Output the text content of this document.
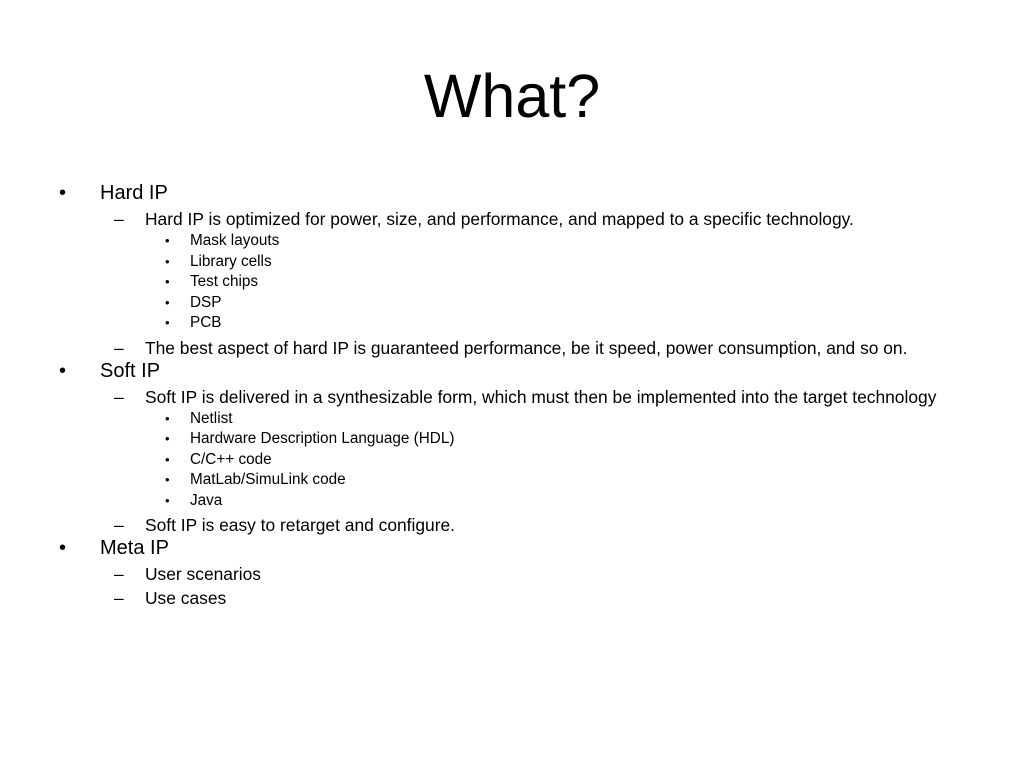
What?
• Hard IP
– Hard IP is optimized for power, size, and performance, and mapped to a specific technology.
• Mask layouts
• Library cells
• Test chips
• DSP
• PCB
– The best aspect of hard IP is guaranteed performance, be it speed, power consumption, and so on.
• Soft IP
– Soft IP is delivered in a synthesizable form, which must then be implemented into the target technology
• Netlist
• Hardware Description Language (HDL)
• C/C++ code
• MatLab/SimuLink code
• Java
– Soft IP is easy to retarget and configure.
• Meta IP
– User scenarios
– Use cases
